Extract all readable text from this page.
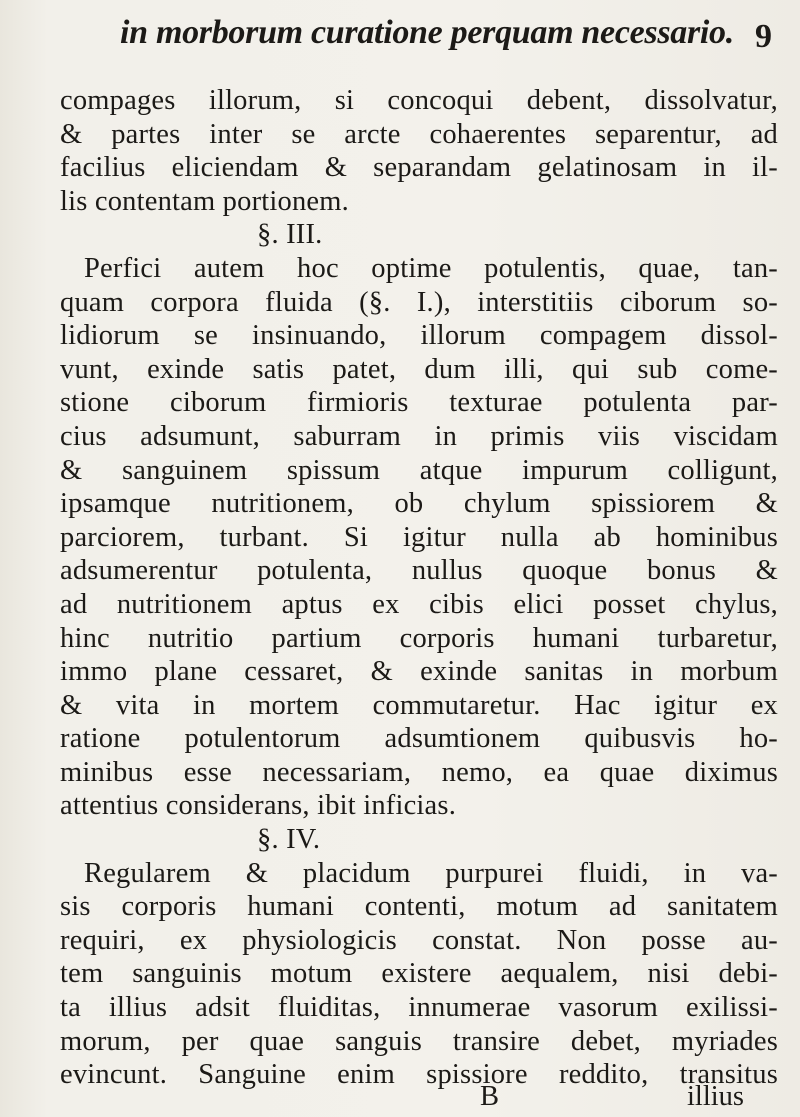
in morborum curatione perquam necessario. 9
compages illorum, si concoqui debent, dissolvatur,
& partes inter se arcte cohaerentes separentur, ad
facilius eliciendam & separandam gelatinosam in il-
lis contentam portionem.
§. III.
Perfici autem hoc optime potulentis, quae, tan-
quam corpora fluida (§. I.), interstitiis ciborum so-
lidiorum se insinuando, illorum compagem dissol-
vunt, exinde satis patet, dum illi, qui sub come-
stione ciborum firmioris texturae potulenta par-
cius adsumunt, saburram in primis viis viscidam
& sanguinem spissum atque impurum colligunt,
ipsamque nutritionem, ob chylum spissiorem &
parciorem, turbant. Si igitur nulla ab hominibus
adsumerentur potulenta, nullus quoque bonus &
ad nutritionem aptus ex cibis elici posset chylus,
hinc nutritio partium corporis humani turbaretur,
immo plane cessaret, & exinde sanitas in morbum
& vita in mortem commutaretur. Hac igitur ex
ratione potulentorum adsumtionem quibusvis ho-
minibus esse necessariam, nemo, ea quae diximus
attentius considerans, ibit inficias.
§. IV.
Regularem & placidum purpurei fluidi, in va-
sis corporis humani contenti, motum ad sanitatem
requiri, ex physiologicis constat. Non posse au-
tem sanguinis motum existere aequalem, nisi debi-
ta illius adsit fluiditas, innumerae vasorum exilissi-
morum, per quae sanguis transire debet, myriades
evincunt. Sanguine enim spissiore reddito, transitus
B	illius
